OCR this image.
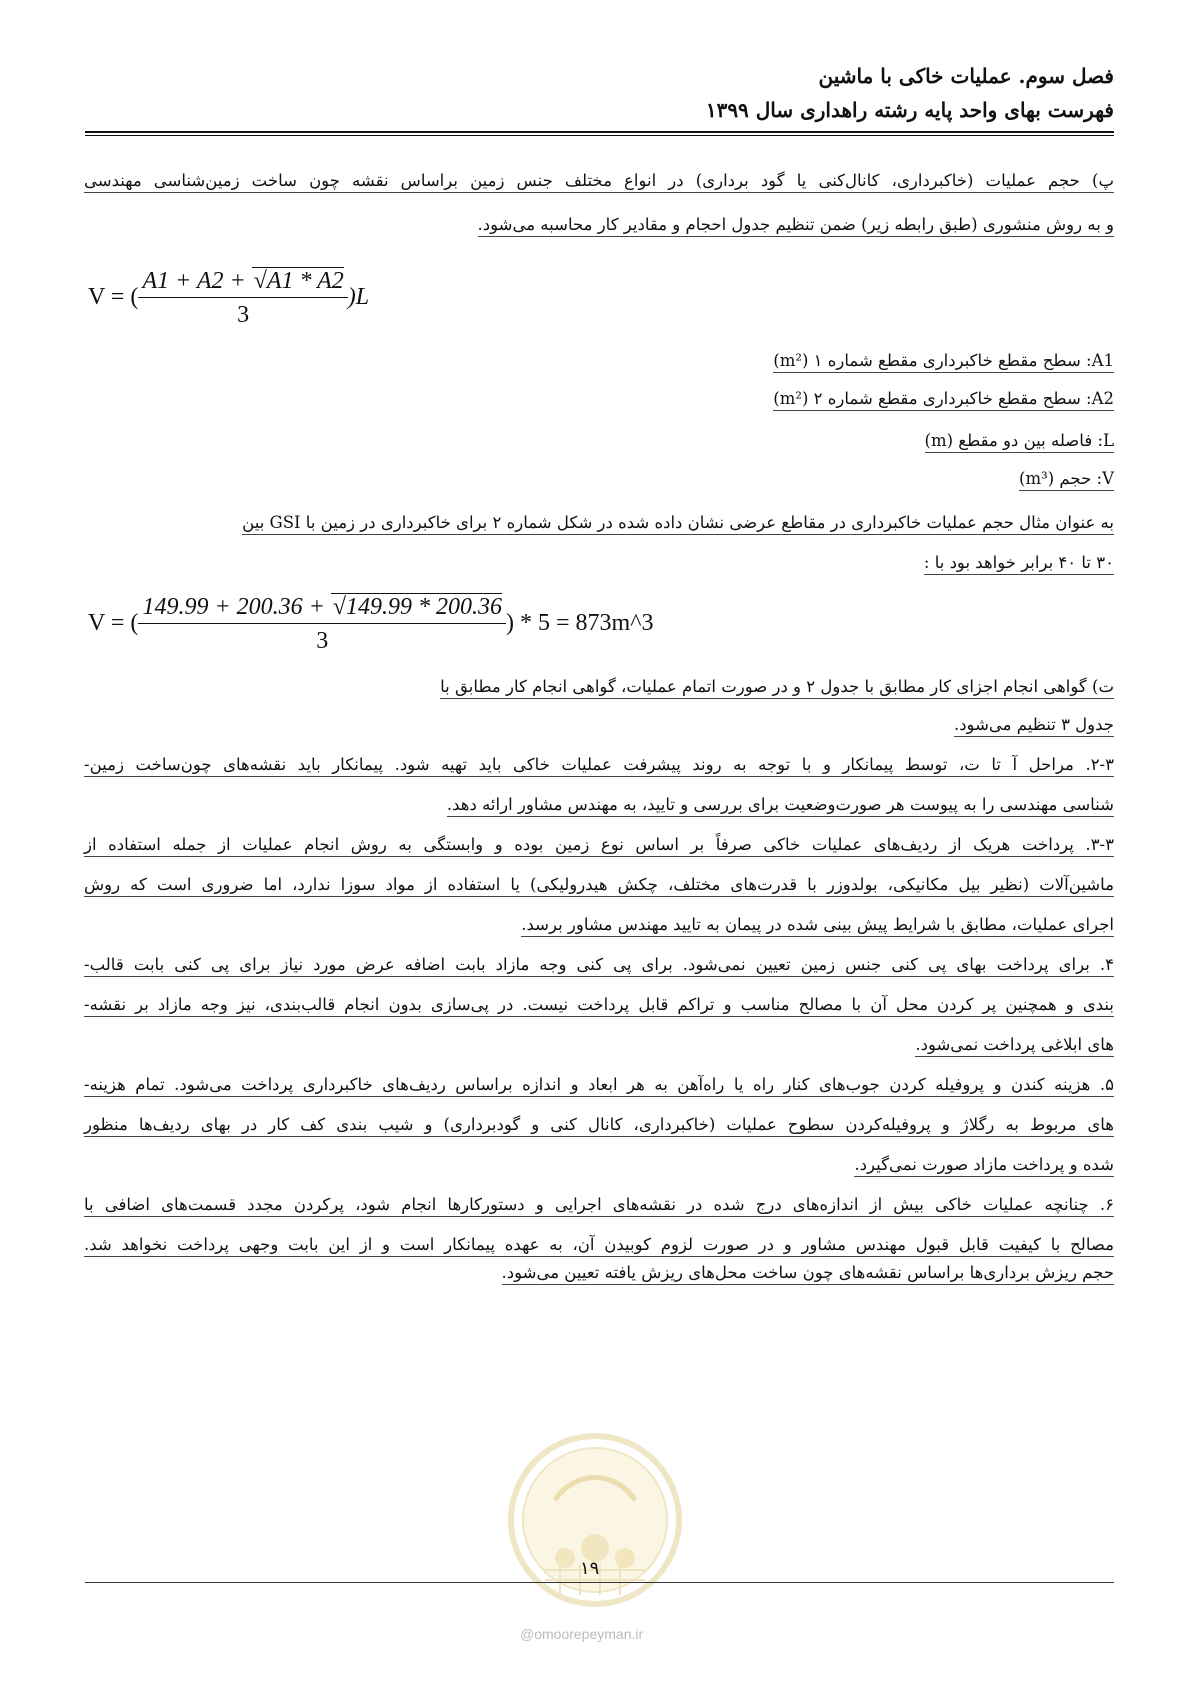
فصل سوم. عملیات خاکی با ماشین
فهرست بهای واحد پایه رشته راهداری سال ۱۳۹۹
پ) حجم عملیات (خاکبرداری، کانال‌کنی یا گود برداری) در انواع مختلف جنس زمین براساس نقشه چون ساخت زمین‌شناسی مهندسی
و به روش منشوری (طبق رابطه زیر) ضمن تنظیم جدول احجام و مقادیر کار محاسبه می‌شود.
V = ( $\frac{A1 + A2 + √A1 * A2}{3} )L$
A1: سطح مقطع خاکبرداری مقطع شماره ۱ (m²)
A2: سطح مقطع خاکبرداری مقطع شماره ۲ (m²)
L: فاصله بین دو مقطع (m)
V: حجم (m³)
به عنوان مثال حجم عملیات خاکبرداری در مقاطع عرضی نشان داده شده در شکل شماره ۲ برای خاکبرداری در زمین با GSI بین
۳۰ تا ۴۰ برابر خواهد بود با :
V = ( $\frac{149.99 + 200.36 + √149.99 * 200.36}{3}$ ) * 5 = 873m^3
ت) گواهی انجام اجزای کار مطابق با جدول ۲ و در صورت اتمام عملیات، گواهی انجام کار مطابق با
جدول ۳ تنظیم می‌شود.
۲-۳. مراحل آ تا ت، توسط پیمانکار و با توجه به روند پیشرفت عملیات خاکی باید تهیه شود. پیمانکار باید نقشه‌های چون‌ساخت زمین-
شناسی مهندسی را به پیوست هر صورت‌وضعیت برای بررسی و تایید، به مهندس مشاور ارائه دهد.
۳-۳. پرداخت هریک از ردیف‌های عملیات خاکی صرفاً بر اساس نوع زمین بوده و وابستگی به روش انجام عملیات از جمله استفاده از
ماشین‌آلات (نظیر بیل مکانیکی، بولدوزر با قدرت‌های مختلف، چکش هیدرولیکی) یا استفاده از مواد سوزا ندارد، اما ضروری است که روش
اجرای عملیات، مطابق با شرایط پیش بینی شده در پیمان به تایید مهندس مشاور برسد.
۴. برای پرداخت بهای پی کنی جنس زمین تعیین نمی‌شود. برای پی کنی وجه مازاد بابت اضافه عرض مورد نیاز برای پی کنی بابت قالب-
بندی و همچنین پر کردن محل آن با مصالح مناسب و تراکم قابل پرداخت نیست. در پی‌سازی بدون انجام قالب‌بندی، نیز وجه مازاد بر نقشه-
های ابلاغی پرداخت نمی‌شود.
۵. هزینه کندن و پروفیله کردن جوب‌های کنار راه یا راه‌آهن به هر ابعاد و اندازه براساس ردیف‌های خاکبرداری پرداخت می‌شود. تمام هزینه-
های مربوط به رگلاژ و پروفیله‌کردن سطوح عملیات (خاکبرداری، کانال کنی و گودبرداری) و شیب بندی کف کار در بهای ردیف‌ها منظور
شده و پرداخت مازاد صورت نمی‌گیرد.
۶. چنانچه عملیات خاکی بیش از اندازه‌های درج شده در نقشه‌های اجرایی و دستورکارها انجام شود، پرکردن مجدد قسمت‌های اضافی با
مصالح با کیفیت قابل قبول مهندس مشاور و در صورت لزوم کوبیدن آن، به عهده پیمانکار است و از این بابت وجهی پرداخت نخواهد شد.
حجم ریزش برداری‌ها براساس نقشه‌های چون ساخت محل‌های ریزش یافته تعیین می‌شود.
۱۹
@omoorepeyman.ir
